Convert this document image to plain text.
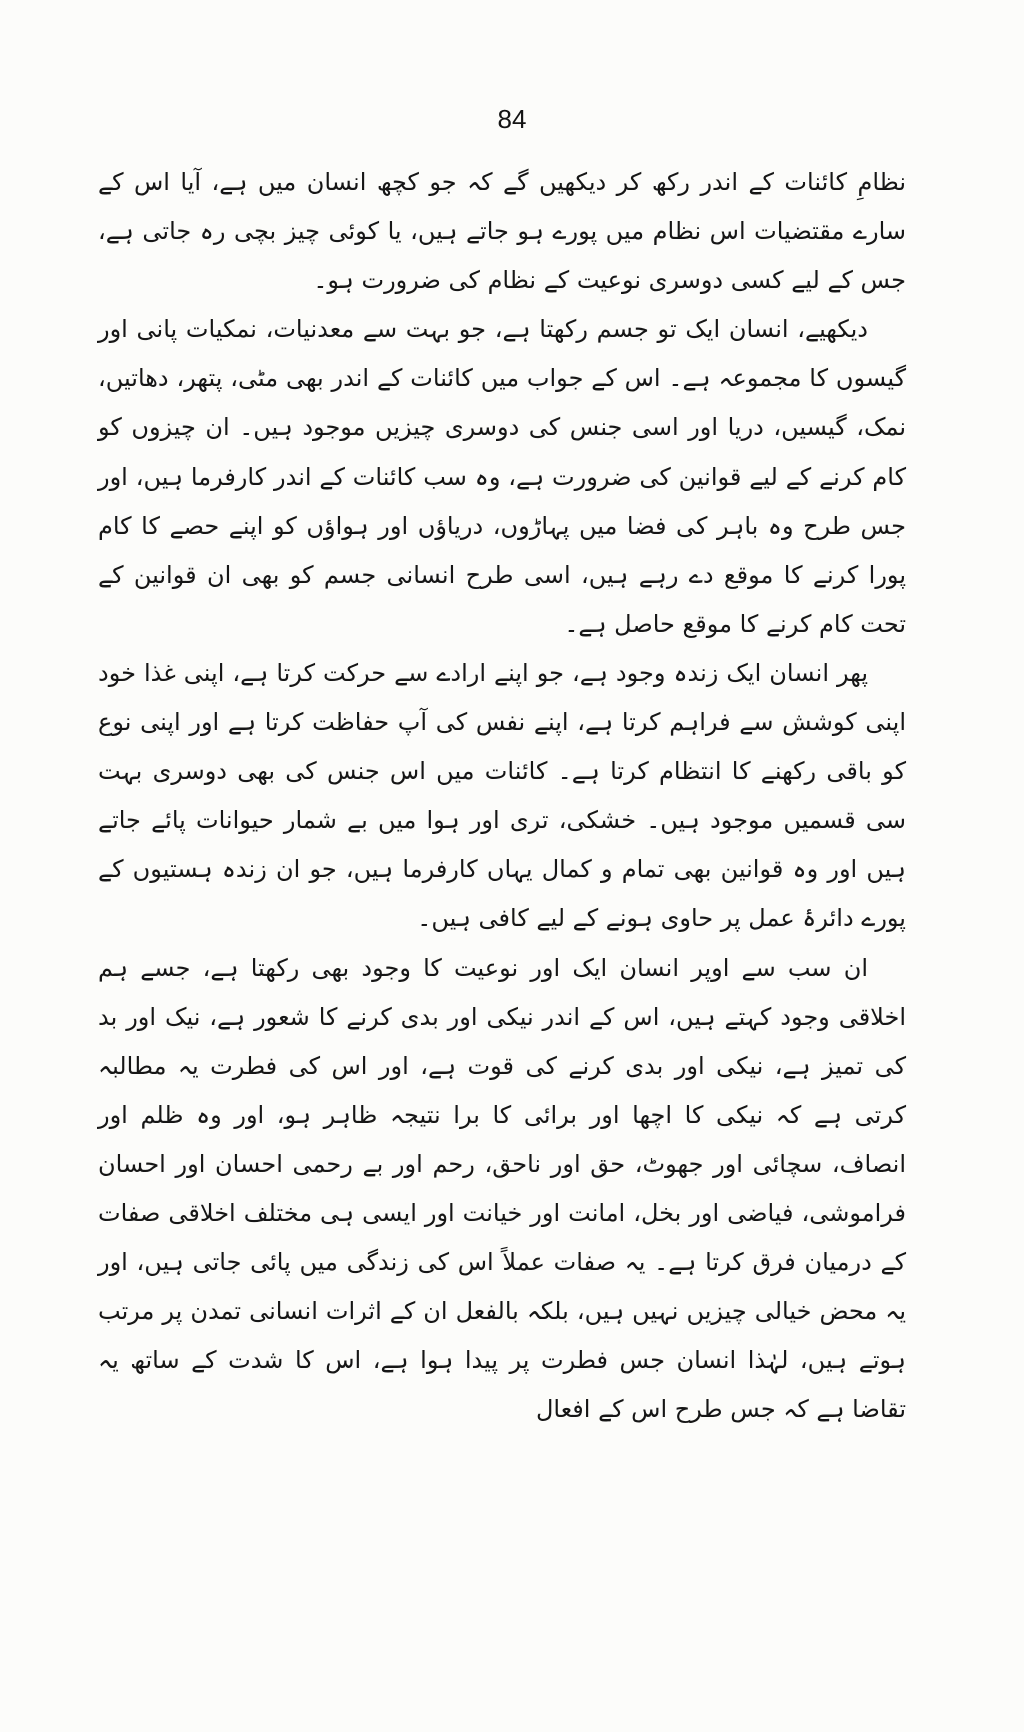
84

نظامِ کائنات کے اندر رکھ کر دیکھیں گے کہ جو کچھ انسان میں ہے، آیا اس کے سارے مقتضیات اس نظام میں پورے ہو جاتے ہیں، یا کوئی چیز بچی رہ جاتی ہے، جس کے لیے کسی دوسری نوعیت کے نظام کی ضرورت ہو۔

دیکھیے، انسان ایک تو جسم رکھتا ہے، جو بہت سے معدنیات، نمکیات پانی اور گیسوں کا مجموعہ ہے۔ اس کے جواب میں کائنات کے اندر بھی مٹی، پتھر، دھاتیں، نمک، گیسیں، دریا اور اسی جنس کی دوسری چیزیں موجود ہیں۔ ان چیزوں کو کام کرنے کے لیے قوانین کی ضرورت ہے، وہ سب کائنات کے اندر کارفرما ہیں، اور جس طرح وہ باہر کی فضا میں پہاڑوں، دریاؤں اور ہواؤں کو اپنے حصے کا کام پورا کرنے کا موقع دے رہے ہیں، اسی طرح انسانی جسم کو بھی ان قوانین کے تحت کام کرنے کا موقع حاصل ہے۔

پھر انسان ایک زندہ وجود ہے، جو اپنے ارادے سے حرکت کرتا ہے، اپنی غذا خود اپنی کوشش سے فراہم کرتا ہے، اپنے نفس کی آپ حفاظت کرتا ہے اور اپنی نوع کو باقی رکھنے کا انتظام کرتا ہے۔ کائنات میں اس جنس کی بھی دوسری بہت سی قسمیں موجود ہیں۔ خشکی، تری اور ہوا میں بے شمار حیوانات پائے جاتے ہیں اور وہ قوانین بھی تمام و کمال یہاں کارفرما ہیں، جو ان زندہ ہستیوں کے پورے دائرۂ عمل پر حاوی ہونے کے لیے کافی ہیں۔

ان سب سے اوپر انسان ایک اور نوعیت کا وجود بھی رکھتا ہے، جسے ہم اخلاقی وجود کہتے ہیں، اس کے اندر نیکی اور بدی کرنے کا شعور ہے، نیک اور بد کی تمیز ہے، نیکی اور بدی کرنے کی قوت ہے، اور اس کی فطرت یہ مطالبہ کرتی ہے کہ نیکی کا اچھا اور برائی کا برا نتیجہ ظاہر ہو، اور وہ ظلم اور انصاف، سچائی اور جھوٹ، حق اور ناحق، رحم اور بے رحمی احسان اور احسان فراموشی، فیاضی اور بخل، امانت اور خیانت اور ایسی ہی مختلف اخلاقی صفات کے درمیان فرق کرتا ہے۔ یہ صفات عملاً اس کی زندگی میں پائی جاتی ہیں، اور یہ محض خیالی چیزیں نہیں ہیں، بلکہ بالفعل ان کے اثرات انسانی تمدن پر مرتب ہوتے ہیں، لہٰذا انسان جس فطرت پر پیدا ہوا ہے، اس کا شدت کے ساتھ یہ تقاضا ہے کہ جس طرح اس کے افعال
